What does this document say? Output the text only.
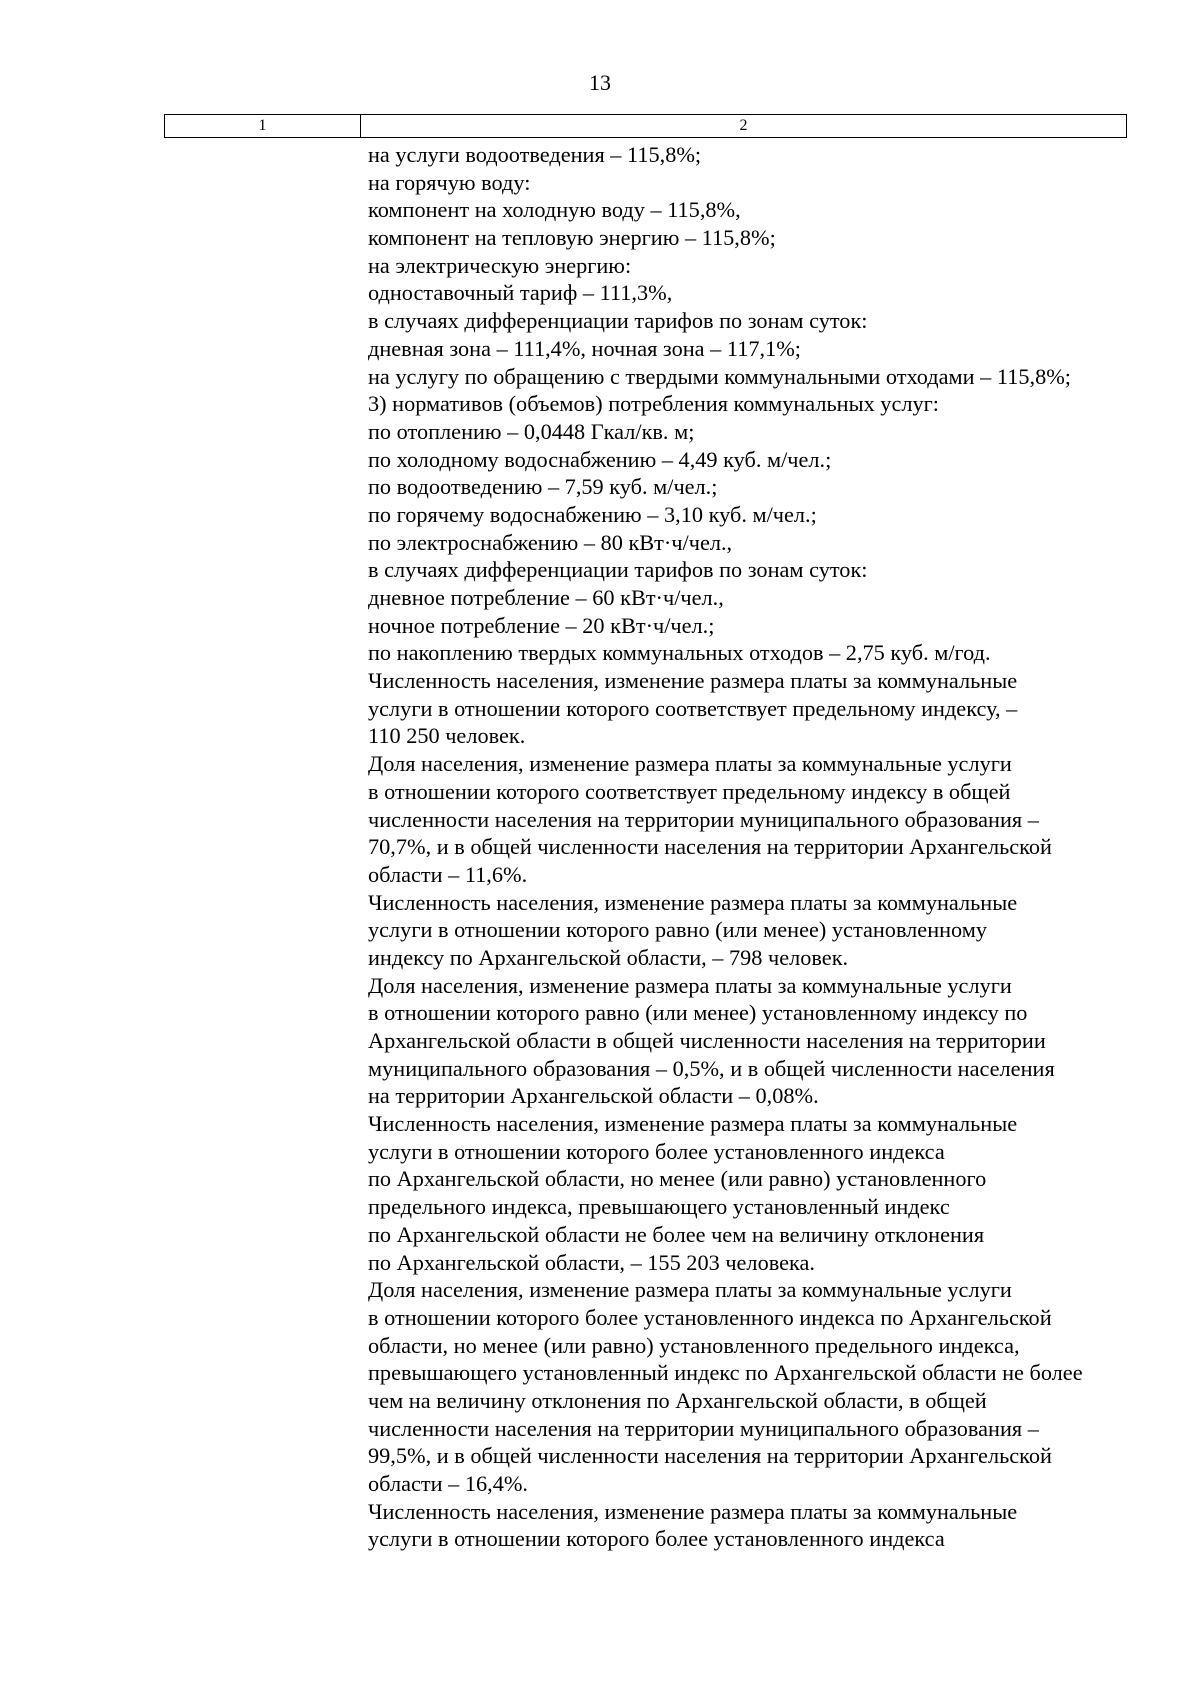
13
1	2
на услуги водоотведения – 115,8%;
на горячую воду:
компонент на холодную воду – 115,8%,
компонент на тепловую энергию – 115,8%;
на электрическую энергию:
одноставочный тариф – 111,3%,
в случаях дифференциации тарифов по зонам суток:
дневная зона – 111,4%, ночная зона – 117,1%;
на услугу по обращению с твердыми коммунальными отходами – 115,8%;
3) нормативов (объемов) потребления коммунальных услуг:
по отоплению – 0,0448 Гкал/кв. м;
по холодному водоснабжению – 4,49 куб. м/чел.;
по водоотведению – 7,59 куб. м/чел.;
по горячему водоснабжению – 3,10 куб. м/чел.;
по электроснабжению – 80 кВт·ч/чел.,
в случаях дифференциации тарифов по зонам суток:
дневное потребление – 60 кВт·ч/чел.,
ночное потребление – 20 кВт·ч/чел.;
по накоплению твердых коммунальных отходов – 2,75 куб. м/год.
Численность населения, изменение размера платы за коммунальные
услуги в отношении которого соответствует предельному индексу, –
110 250 человек.
Доля населения, изменение размера платы за коммунальные услуги
в отношении которого соответствует предельному индексу в общей
численности населения на территории муниципального образования –
70,7%, и в общей численности населения на территории Архангельской
области – 11,6%.
Численность населения, изменение размера платы за коммунальные
услуги в отношении которого равно (или менее) установленному
индексу по Архангельской области, – 798 человек.
Доля населения, изменение размера платы за коммунальные услуги
в отношении которого равно (или менее) установленному индексу по
Архангельской области в общей численности населения на территории
муниципального образования – 0,5%, и в общей численности населения
на территории Архангельской области – 0,08%.
Численность населения, изменение размера платы за коммунальные
услуги в отношении которого более установленного индекса
по Архангельской области, но менее (или равно) установленного
предельного индекса, превышающего установленный индекс
по Архангельской области не более чем на величину отклонения
по Архангельской области, – 155 203 человека.
Доля населения, изменение размера платы за коммунальные услуги
в отношении которого более установленного индекса по Архангельской
области, но менее (или равно) установленного предельного индекса,
превышающего установленный индекс по Архангельской области не более
чем на величину отклонения по Архангельской области, в общей
численности населения на территории муниципального образования –
99,5%, и в общей численности населения на территории Архангельской
области – 16,4%.
Численность населения, изменение размера платы за коммунальные
услуги в отношении которого более установленного индекса
